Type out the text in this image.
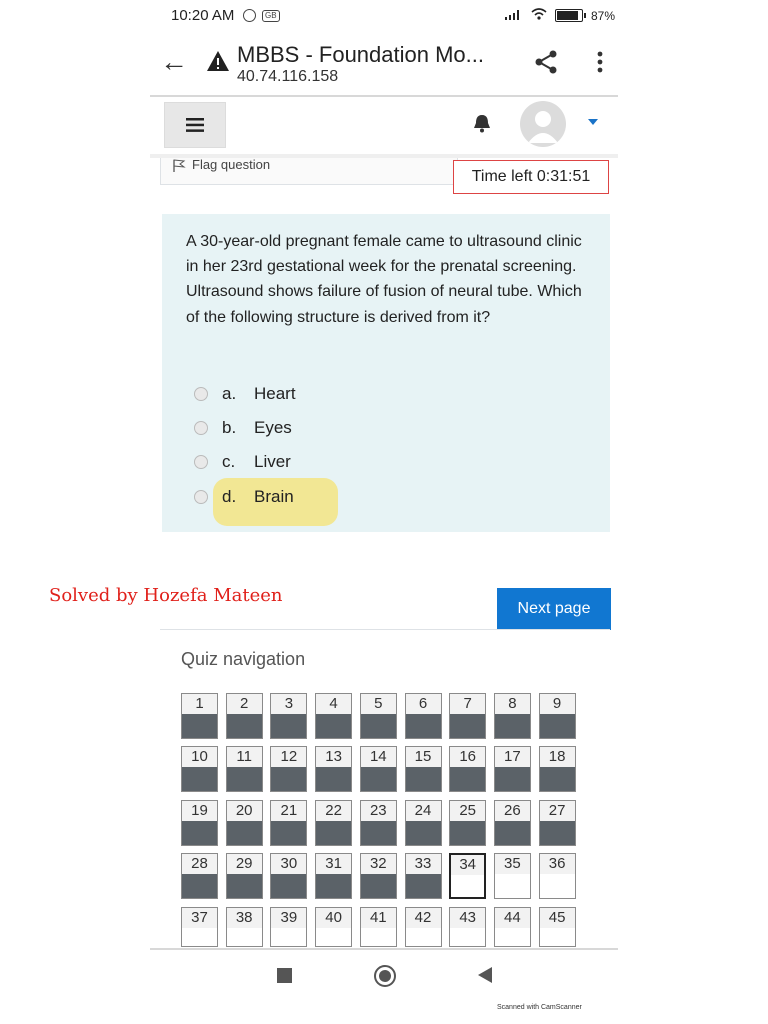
10:20 AM	GB	87%
← MBBS - Foundation Mo...
40.74.116.158
Flag question
Time left 0:31:51
A 30-year-old pregnant female came to ultrasound clinic in her 23rd gestational week for the prenatal screening. Ultrasound shows failure of fusion of neural tube. Which of the following structure is derived from it?
a.	Heart
b.	Eyes
c.	Liver
d.	Brain
Solved by Hozefa Mateen
Next page
Quiz navigation
1	2	3	4	5	6	7	8	9
10	11	12	13	14	15	16	17	18
19	20	21	22	23	24	25	26	27
28	29	30	31	32	33	34	35	36
37	38	39	40	41	42	43	44	45
Scanned with CamScanner
